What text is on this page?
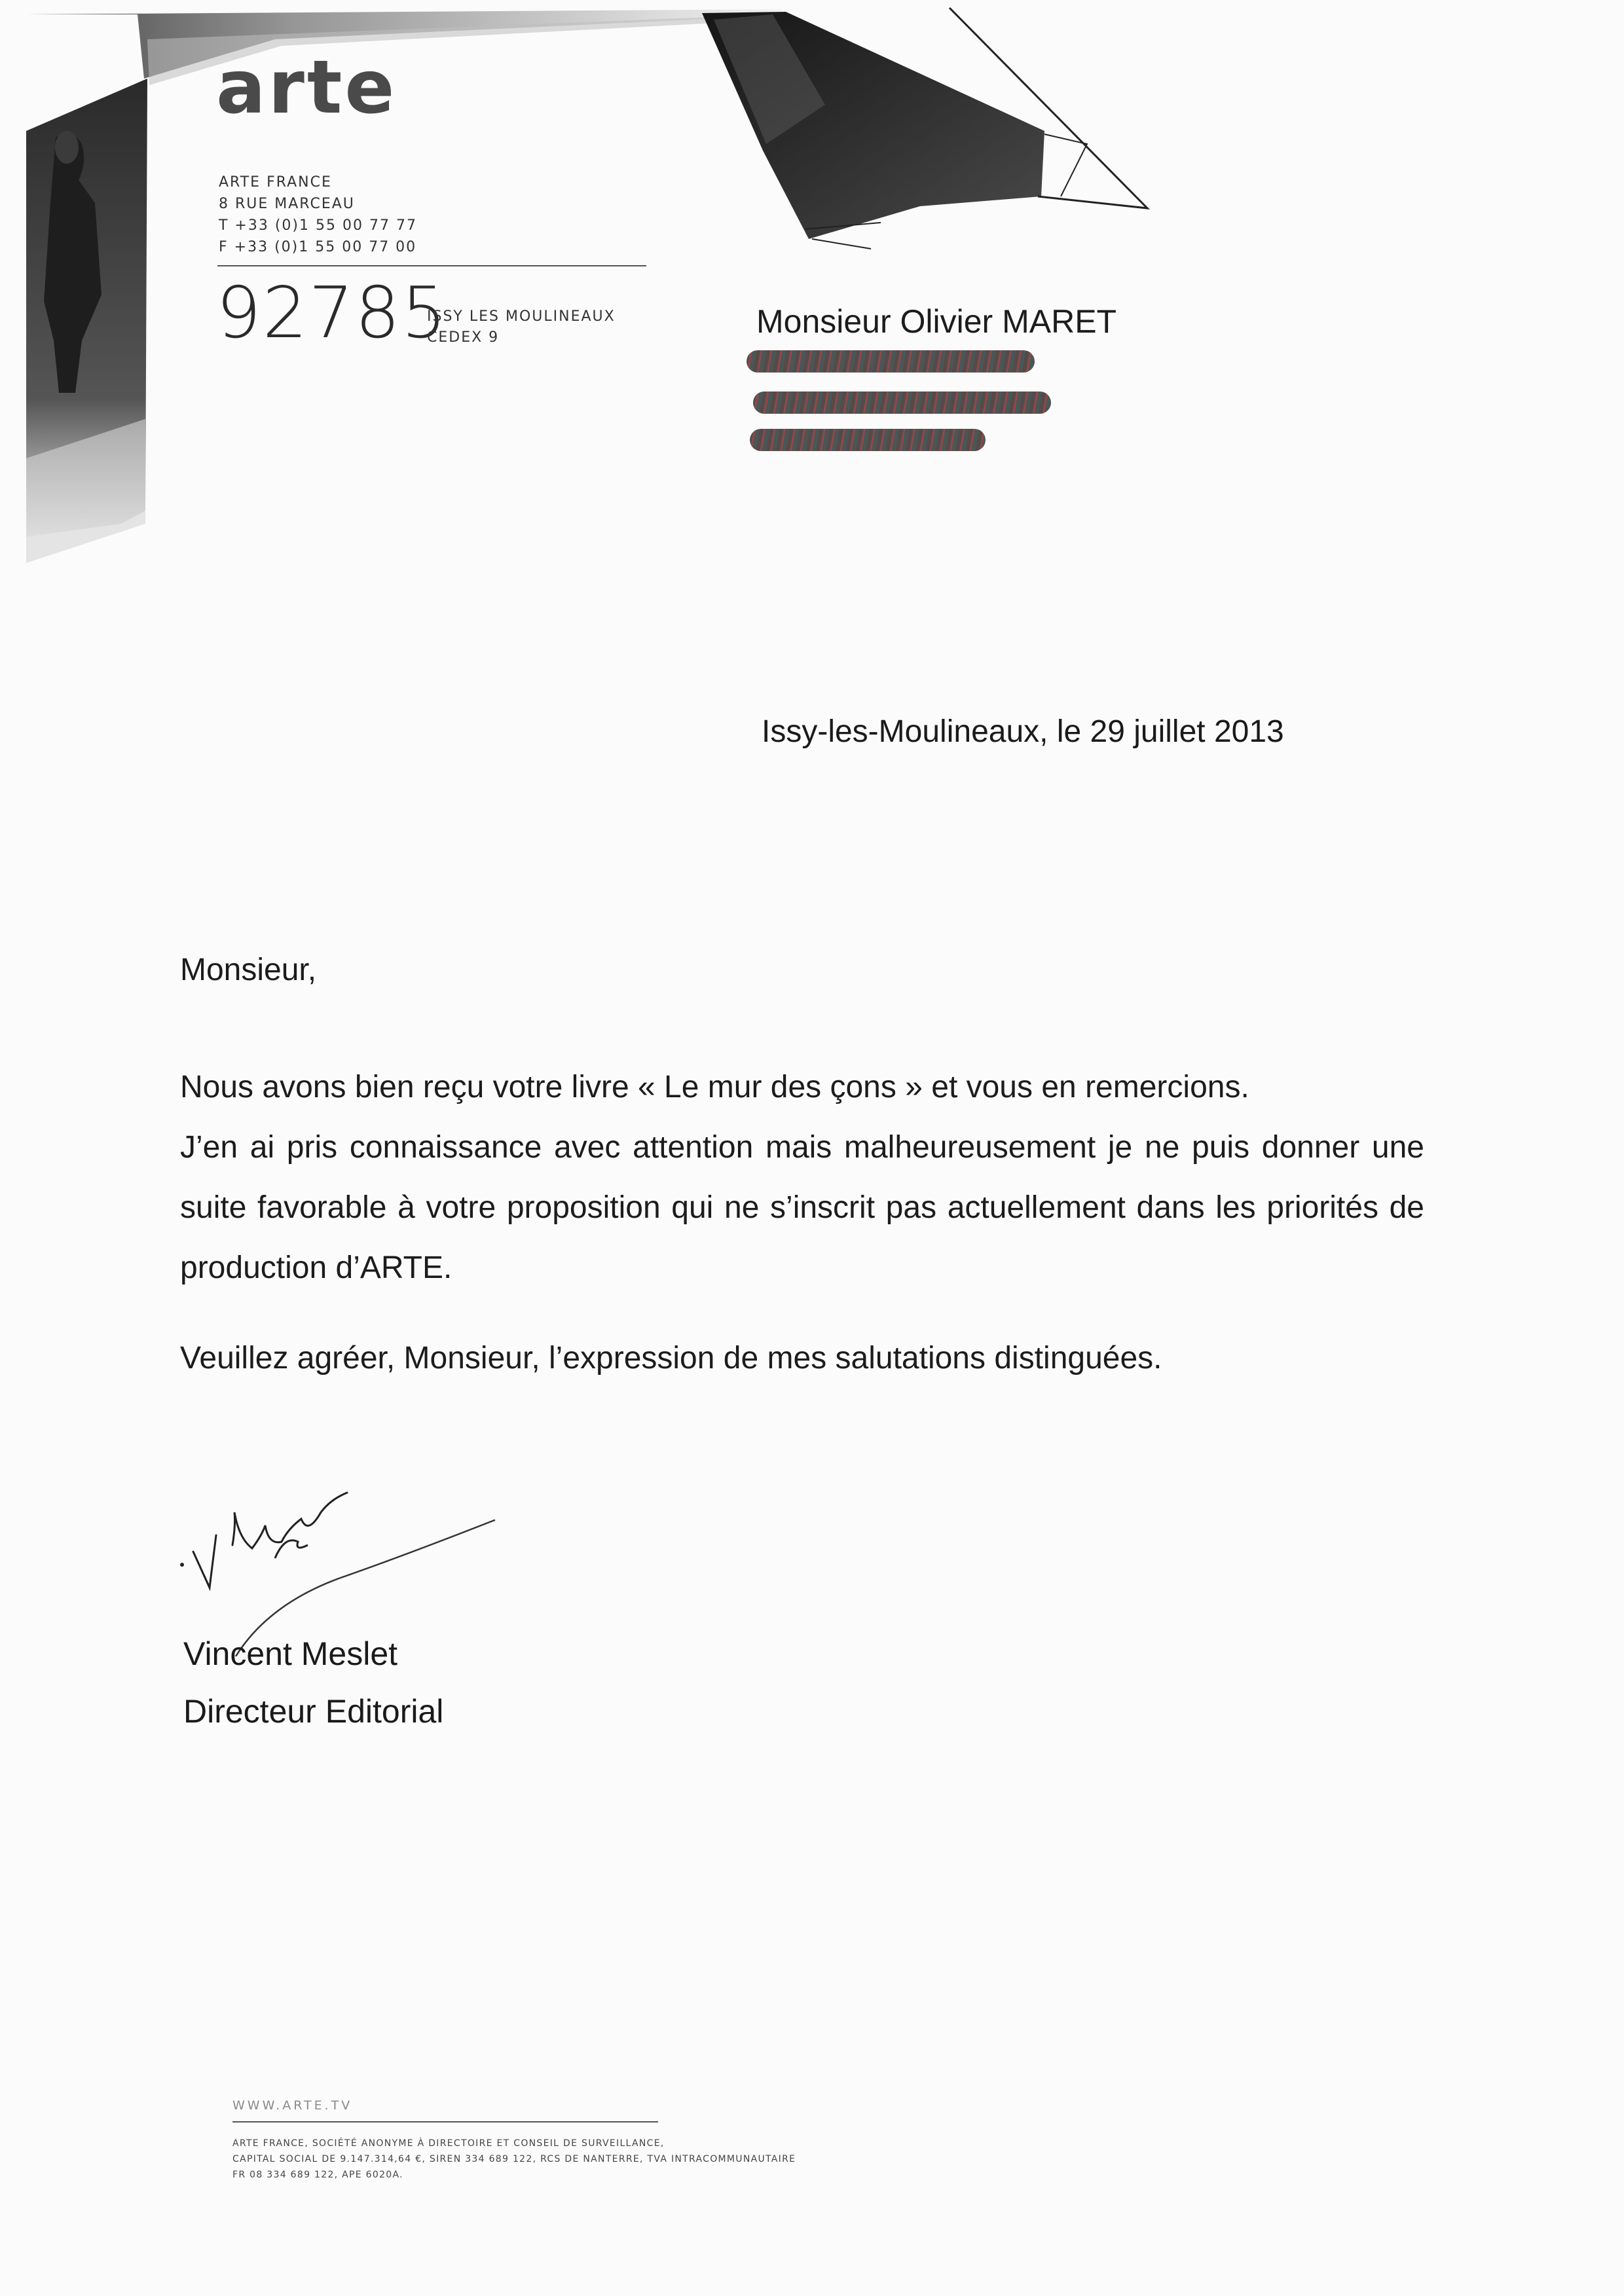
arte
ARTE FRANCE
8 RUE MARCEAU
T +33 (0)1 55 00 77 77
F +33 (0)1 55 00 77 00
92785
ISSY LES MOULINEAUX
CEDEX 9	Monsieur Olivier MARET
Issy-les-Moulineaux, le 29 juillet 2013
Monsieur,

Nous avons bien reçu votre livre « Le mur des çons » et vous en remercions.

J’en ai pris connaissance avec attention mais malheureusement je ne puis donner une suite favorable à votre proposition qui ne s’inscrit pas actuellement dans les priorités de production d’ARTE.

Veuillez agréer, Monsieur, l’expression de mes salutations distinguées.
Vincent Meslet
Directeur Editorial
WWW.ARTE.TV
ARTE FRANCE, SOCIÉTÉ ANONYME À DIRECTOIRE ET CONSEIL DE SURVEILLANCE,
CAPITAL SOCIAL DE 9.147.314,64 €, SIREN 334 689 122, RCS DE NANTERRE, TVA INTRACOMMUNAUTAIRE
FR 08 334 689 122, APE 6020A.
